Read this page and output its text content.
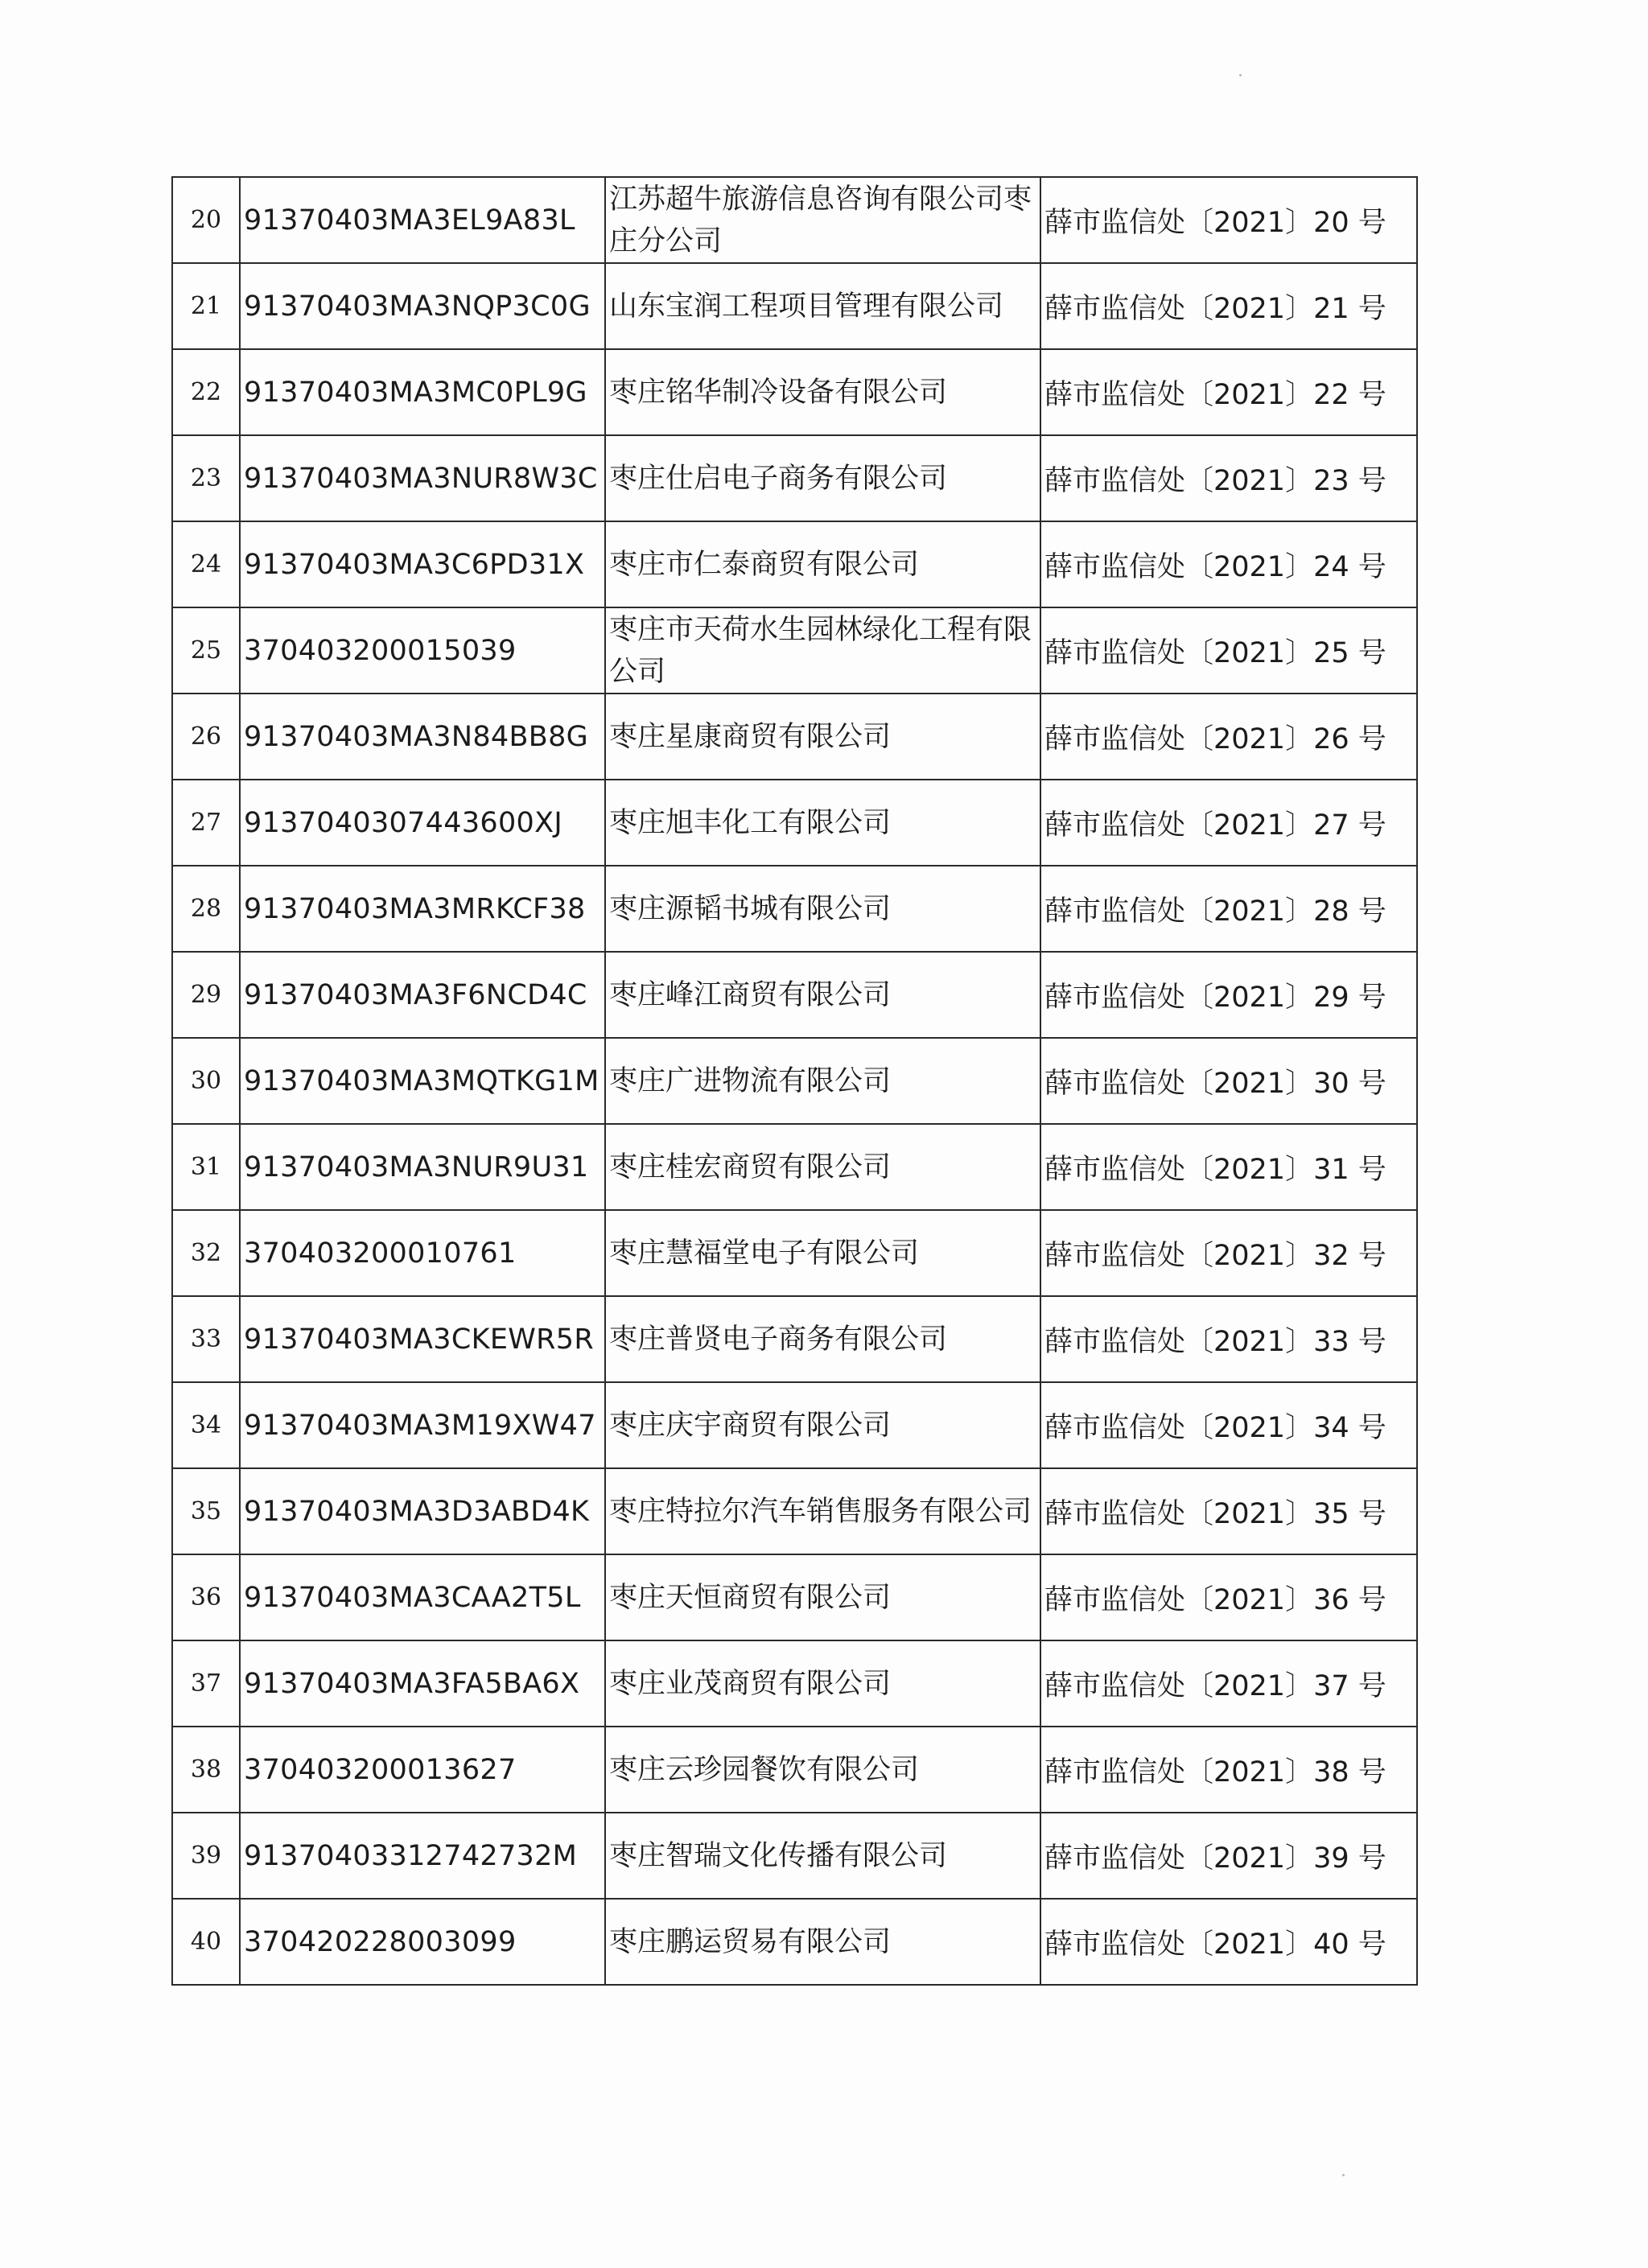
20	91370403MA3EL9A83L	江苏超牛旅游信息咨询有限公司枣庄分公司	薛市监信处〔2021〕20 号
21	91370403MA3NQP3C0G	山东宝润工程项目管理有限公司	薛市监信处〔2021〕21 号
22	91370403MA3MC0PL9G	枣庄铭华制冷设备有限公司	薛市监信处〔2021〕22 号
23	91370403MA3NUR8W3C	枣庄仕启电子商务有限公司	薛市监信处〔2021〕23 号
24	91370403MA3C6PD31X	枣庄市仁泰商贸有限公司	薛市监信处〔2021〕24 号
25	370403200015039	枣庄市天荷水生园林绿化工程有限公司	薛市监信处〔2021〕25 号
26	91370403MA3N84BB8G	枣庄星康商贸有限公司	薛市监信处〔2021〕26 号
27	9137040307443600XJ	枣庄旭丰化工有限公司	薛市监信处〔2021〕27 号
28	91370403MA3MRKCF38	枣庄源韬书城有限公司	薛市监信处〔2021〕28 号
29	91370403MA3F6NCD4C	枣庄峰江商贸有限公司	薛市监信处〔2021〕29 号
30	91370403MA3MQTKG1M	枣庄广进物流有限公司	薛市监信处〔2021〕30 号
31	91370403MA3NUR9U31	枣庄桂宏商贸有限公司	薛市监信处〔2021〕31 号
32	370403200010761	枣庄慧福堂电子有限公司	薛市监信处〔2021〕32 号
33	91370403MA3CKEWR5R	枣庄普贤电子商务有限公司	薛市监信处〔2021〕33 号
34	91370403MA3M19XW47	枣庄庆宇商贸有限公司	薛市监信处〔2021〕34 号
35	91370403MA3D3ABD4K	枣庄特拉尔汽车销售服务有限公司	薛市监信处〔2021〕35 号
36	91370403MA3CAA2T5L	枣庄天恒商贸有限公司	薛市监信处〔2021〕36 号
37	91370403MA3FA5BA6X	枣庄业茂商贸有限公司	薛市监信处〔2021〕37 号
38	370403200013627	枣庄云珍园餐饮有限公司	薛市监信处〔2021〕38 号
39	91370403312742732M	枣庄智瑞文化传播有限公司	薛市监信处〔2021〕39 号
40	370420228003099	枣庄鹏运贸易有限公司	薛市监信处〔2021〕40 号
